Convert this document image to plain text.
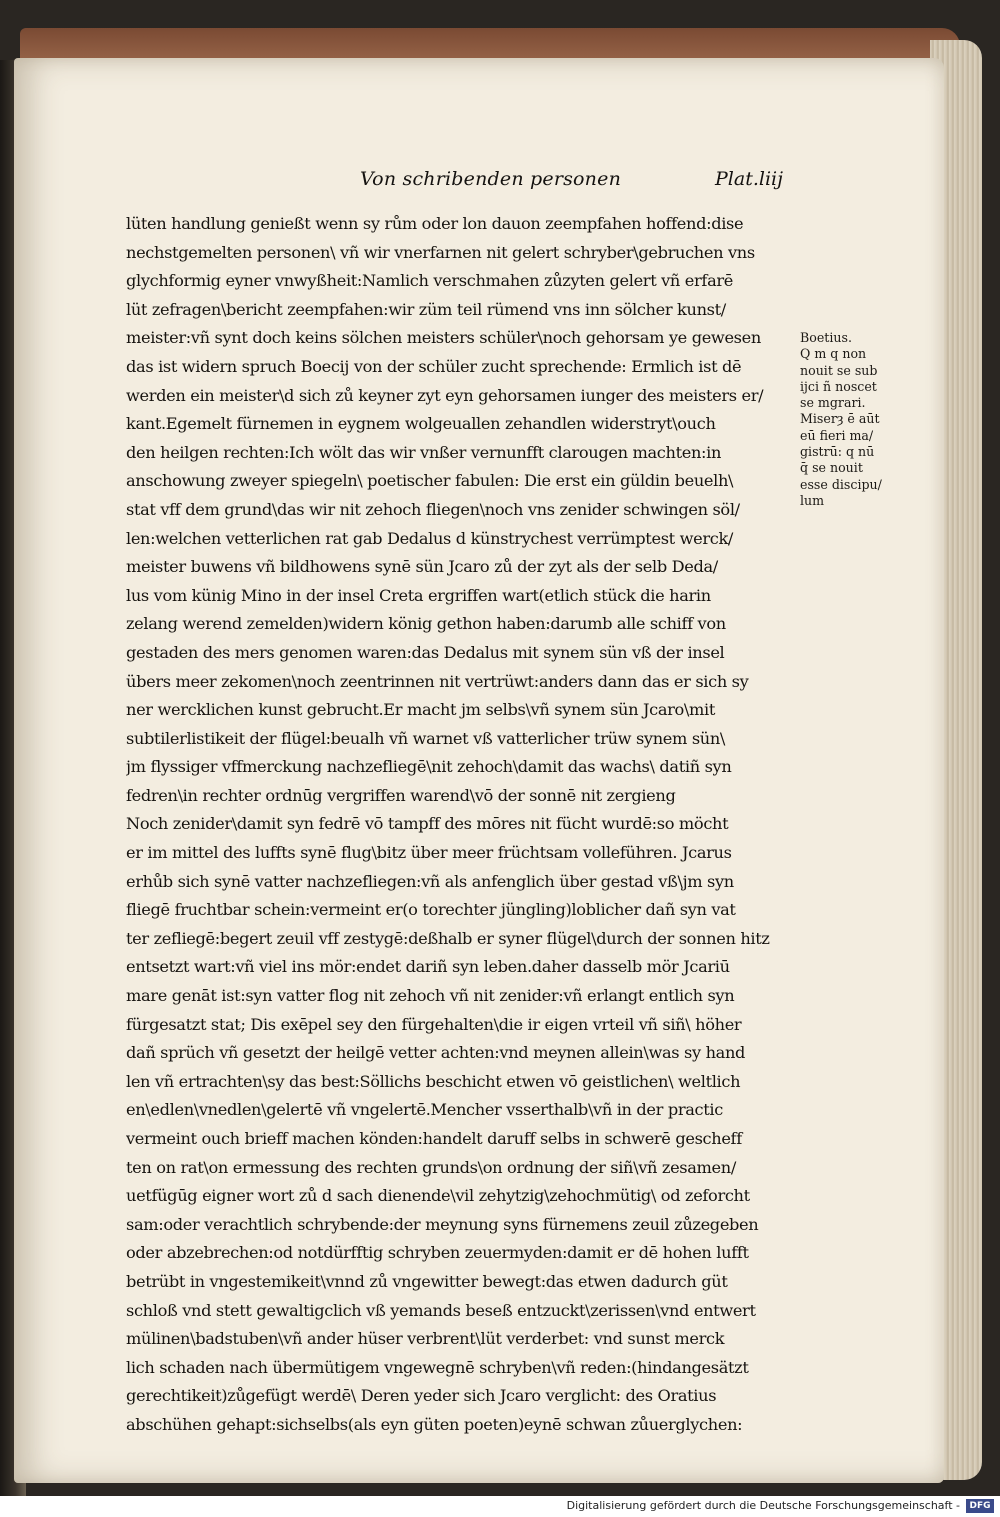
Von schribenden personen	Plat.liij
lüten handlung genießt wenn sy rům oder lon dauon zeempfahen hoffend:dise
nechstgemelten personen\ vñ wir vnerfarnen nit gelert schryber\gebruchen vns
glychformig eyner vnwyßheit:Namlich verschmahen zůzyten gelert vñ erfarē
lüt zefragen\bericht zeempfahen:wir züm teil rümend vns inn sölcher kunst/
meister:vñ synt doch keins sölchen meisters schüler\noch gehorsam ye gewesen
das ist widern spruch Boecij von der schüler zucht sprechende: Ermlich ist dē
werden ein meister\d sich zů keyner zyt eyn gehorsamen iunger des meisters er/
kant.Egemelt fürnemen in eygnem wolgeuallen zehandlen widerstryt\ouch
den heilgen rechten:Ich wölt das wir vnßer vernunfft clarougen machten:in
anschowung zweyer spiegeln\ poetischer fabulen: Die erst ein güldin beuelh\
stat vff dem grund\das wir nit zehoch fliegen\noch vns zenider schwingen söl/
len:welchen vetterlichen rat gab Dedalus d künstrychest verrümptest werck/
meister buwens vñ bildhowens synē sün Jcaro zů der zyt als der selb Deda/
lus vom künig Mino in der insel Creta ergriffen wart(etlich stück die harin
zelang werend zemelden)widern könig gethon haben:darumb alle schiff von
gestaden des mers genomen waren:das Dedalus mit synem sün vß der insel
übers meer zekomen\noch zeentrinnen nit vertrüwt:anders dann das er sich sy
ner wercklichen kunst gebrucht.Er macht jm selbs\vñ synem sün Jcaro\mit
subtilerlistikeit der flügel:beualh vñ warnet vß vatterlicher trüw synem sün\
jm flyssiger vffmerckung nachzefliegē\nit zehoch\damit das wachs\ datiñ syn
fedren\in rechter ordnūg vergriffen warend\vō der sonnē nit zergieng
Noch zenider\damit syn fedrē vō tampff des mōres nit fücht wurdē:so möcht
er im mittel des luffts synē flug\bitz über meer früchtsam volleführen. Jcarus
erhůb sich synē vatter nachzefliegen:vñ als anfenglich über gestad vß\jm syn
fliegē fruchtbar schein:vermeint er(o torechter jüngling)loblicher dañ syn vat
ter zefliegē:begert zeuil vff zestygē:deßhalb er syner flügel\durch der sonnen hitz
entsetzt wart:vñ viel ins mör:endet dariñ syn leben.daher dasselb mör Jcariū
mare genāt ist:syn vatter flog nit zehoch vñ nit zenider:vñ erlangt entlich syn
fürgesatzt stat; Dis exēpel sey den fürgehalten\die ir eigen vrteil vñ siñ\ höher
dañ sprüch vñ gesetzt der heilgē vetter achten:vnd meynen allein\was sy hand
len vñ ertrachten\sy das best:Söllichs beschicht etwen vō geistlichen\ weltlich
en\edlen\vnedlen\gelertē vñ vngelertē.Mencher vsserthalb\vñ in der practic
vermeint ouch brieff machen könden:handelt daruff selbs in schwerē gescheff
ten on rat\on ermessung des rechten grunds\on ordnung der siñ\vñ zesamen/
uetfügūg eigner wort zů d sach dienende\vil zehytzig\zehochmütig\ od zeforcht
sam:oder verachtlich schrybende:der meynung syns fürnemens zeuil zůzegeben
oder abzebrechen:od notdürfftig schryben zeuermyden:damit er dē hohen lufft
betrübt in vngestemikeit\vnnd zů vngewitter bewegt:das etwen dadurch güt
schloß vnd stett gewaltigclich vß yemands beseß entzuckt\zerissen\vnd entwert
mülinen\badstuben\vñ ander hüser verbrent\lüt verderbet: vnd sunst merck
lich schaden nach übermütigem vngewegnē schryben\vñ reden:(hindangesätzt
gerechtikeit)zůgefügt werdē\ Deren yeder sich Jcaro verglicht: des Oratius
abschühen gehapt:sichselbs(als eyn güten poeten)eynē schwan zůuerglychen:
Boetius.
Q m q non
nouit se sub
ijci ñ noscet
se mgrari.
Miserȝ ē aūt
eū fieri ma/
gistrū: q nū
q̄ se nouit
esse discipu/
lum
Digitalisierung gefördert durch die Deutsche Forschungsgemeinschaft -	DFG
